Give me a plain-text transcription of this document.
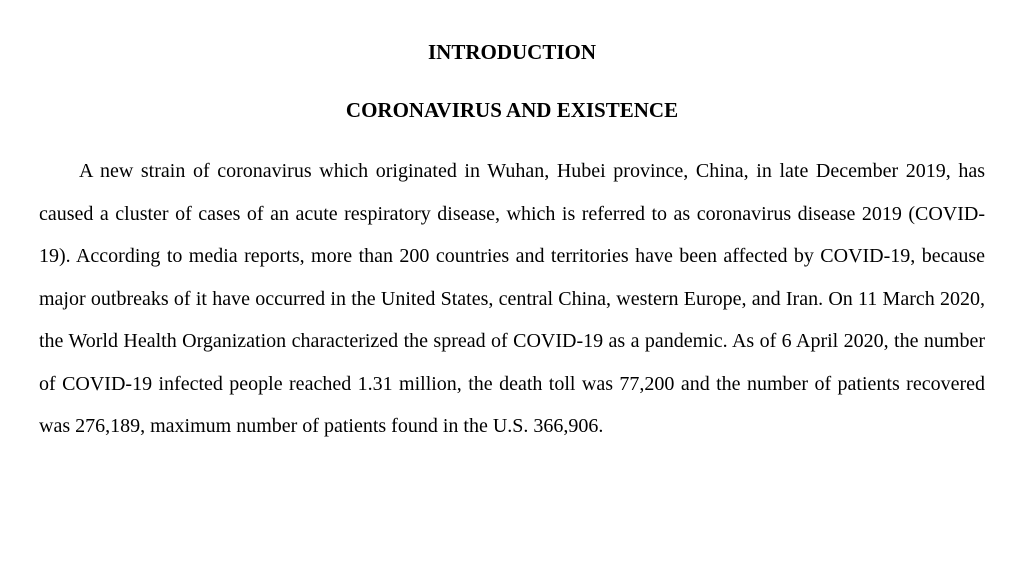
INTRODUCTION
CORONAVIRUS AND EXISTENCE

A new strain of coronavirus which originated in Wuhan, Hubei province, China, in late December 2019, has caused a cluster of cases of an acute respiratory disease, which is referred to as coronavirus disease 2019 (COVID-19). According to media reports, more than 200 countries and territories have been affected by COVID-19, because major outbreaks of it have occurred in the United States, central China, western Europe, and Iran. On 11 March 2020, the World Health Organization characterized the spread of COVID-19 as a pandemic. As of 6 April 2020, the number of COVID-19 infected people reached 1.31 million, the death toll was 77,200 and the number of patients recovered was 276,189, maximum number of patients found in the U.S. 366,906.
